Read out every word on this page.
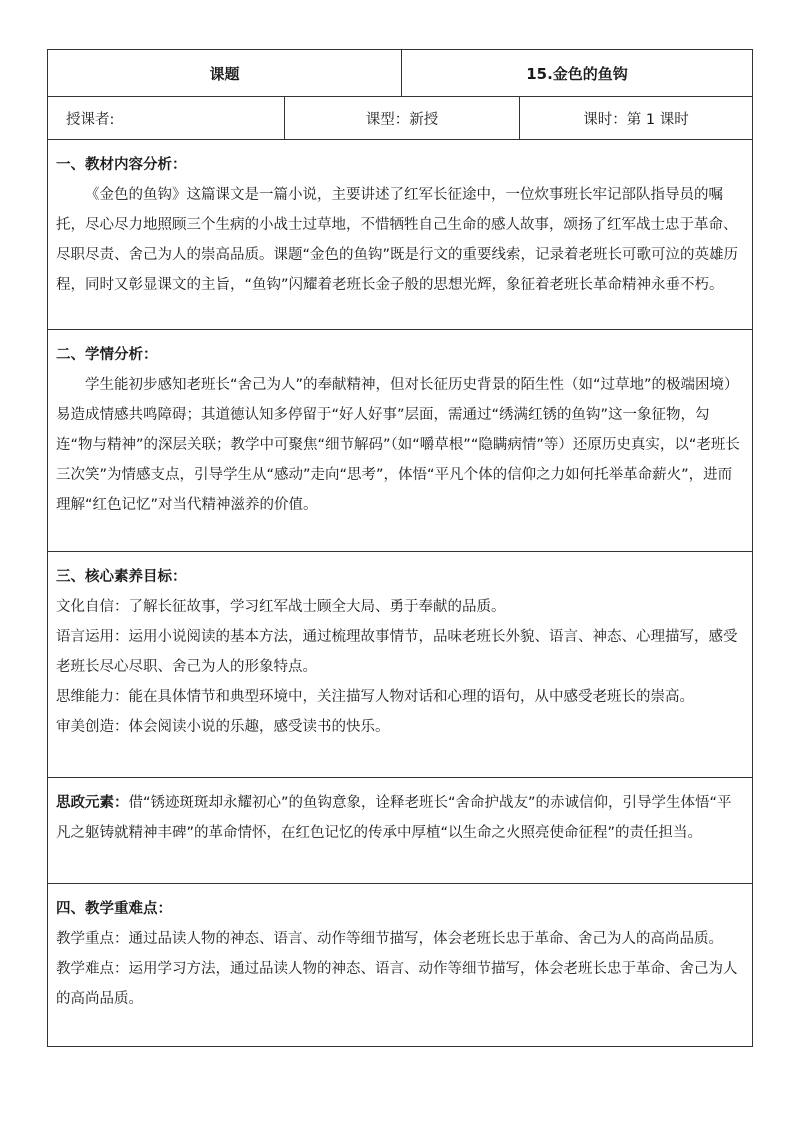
课题	15.金色的鱼钩
授课者:	课型：新授	课时：第 1 课时

一、教材内容分析：

《金色的鱼钩》这篇课文是一篇小说，主要讲述了红军长征途中，一位炊事班长牢记部队指导员的嘱托，尽心尽力地照顾三个生病的小战士过草地，不惜牺牲自己生命的感人故事，颂扬了红军战士忠于革命、尽职尽责、舍己为人的崇高品质。课题“金色的鱼钩”既是行文的重要线索，记录着老班长可歌可泣的英雄历程，同时又彰显课文的主旨，“鱼钩”闪耀着老班长金子般的思想光辉，象征着老班长革命精神永垂不朽。

二、学情分析：

学生能初步感知老班长“舍己为人”的奉献精神，但对长征历史背景的陌生性（如“过草地”的极端困境）易造成情感共鸣障碍；其道德认知多停留于“好人好事”层面，需通过“绣满红锈的鱼钩”这一象征物，勾连“物与精神”的深层关联；教学中可聚焦“细节解码”（如“嚼草根”“隐瞒病情”等）还原历史真实，以“老班长三次笑”为情感支点，引导学生从“感动”走向“思考”，体悟“平凡个体的信仰之力如何托举革命薪火”，进而理解“红色记忆”对当代精神滋养的价值。

三、核心素养目标：

文化自信：了解长征故事，学习红军战士顾全大局、勇于奉献的品质。

语言运用：运用小说阅读的基本方法，通过梳理故事情节，品味老班长外貌、语言、神态、心理描写，感受老班长尽心尽职、舍己为人的形象特点。

思维能力：能在具体情节和典型环境中，关注描写人物对话和心理的语句，从中感受老班长的崇高。

审美创造：体会阅读小说的乐趣，感受读书的快乐。

思政元素：借“锈迹斑斑却永耀初心”的鱼钩意象，诠释老班长“舍命护战友”的赤诚信仰，引导学生体悟“平凡之躯铸就精神丰碑”的革命情怀，在红色记忆的传承中厚植“以生命之火照亮使命征程”的责任担当。

四、教学重难点：

教学重点：通过品读人物的神态、语言、动作等细节描写，体会老班长忠于革命、舍己为人的高尚品质。

教学难点：运用学习方法，通过品读人物的神态、语言、动作等细节描写，体会老班长忠于革命、舍己为人的高尚品质。
